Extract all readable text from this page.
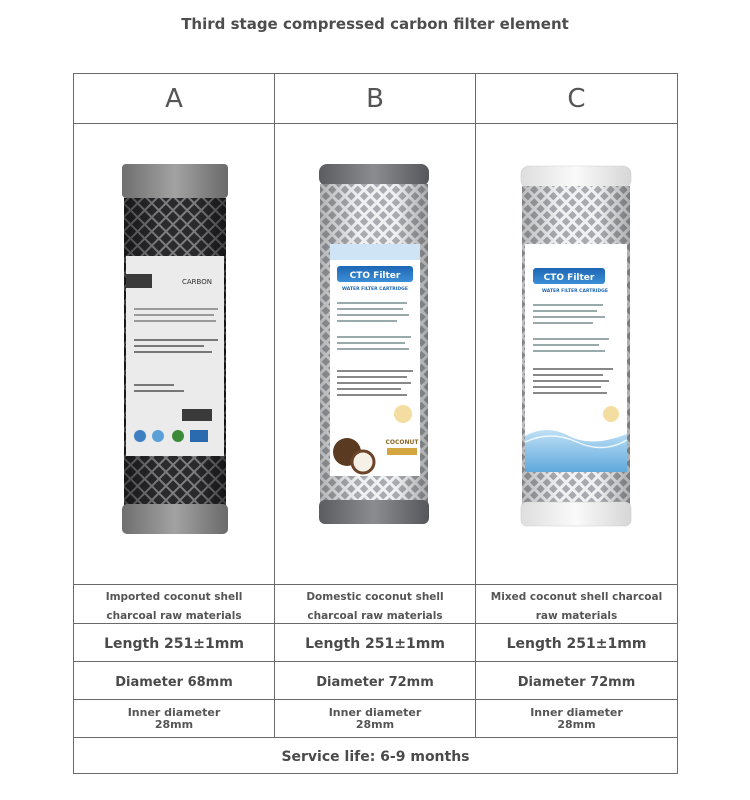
Third stage compressed carbon filter element
A	B	C

CARBON	CTO Filter
WATER FILTER CARTRIDGE
COCONUT	CTO Filter
WATER FILTER CARTRIDGE

Imported coconut shell charcoal raw materials	Domestic coconut shell charcoal raw materials	Mixed coconut shell charcoal raw materials
Length 251±1mm	Length 251±1mm	Length 251±1mm
Diameter 68mm	Diameter 72mm	Diameter 72mm

Inner diameter 28mm	Inner diameter 28mm	Inner diameter 28mm

Service life: 6-9 months		
